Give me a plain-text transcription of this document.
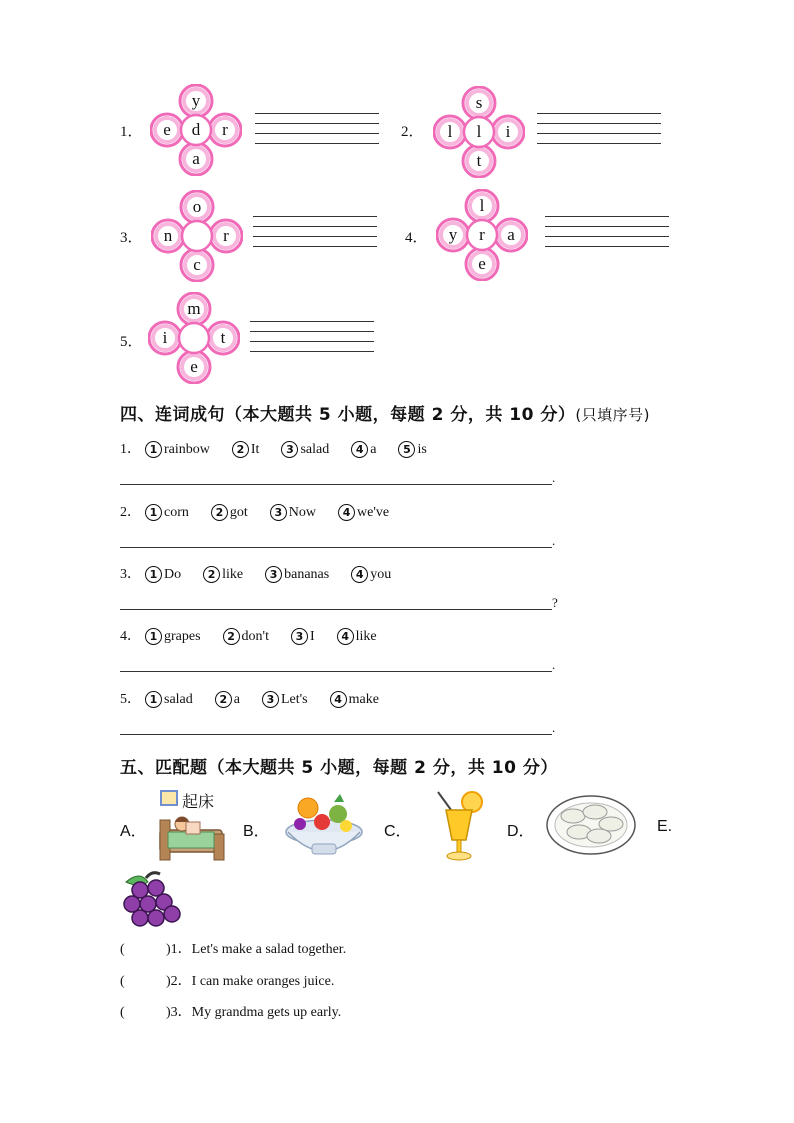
1．
y
e	d	r
a
2．
s
l	l	i
t
3．
o
n	r
c
4．
l
y	r	a
e
5．
m
i	t
e
四、连词成句（本大题共 5 小题，每题 2 分，共 10 分）(只填序号)
1． 1 rainbow	2 It	3 salad	4 a	5 is
.
2． 1 corn	2 got	3 Now	4 we've
.
3． 1 Do	2 like	3 bananas	4 you
?
4． 1 grapes	2 don't	3 I	4 like
.
5． 1 salad	2 a	3 Let's	4 make
.
五、匹配题（本大题共 5 小题，每题 2 分，共 10 分）
A．
起床
B．	C．	D．	E.
(	)1．Let's make a salad together.
(	)2．I can make oranges juice.
(	)3．My grandma gets up early.
